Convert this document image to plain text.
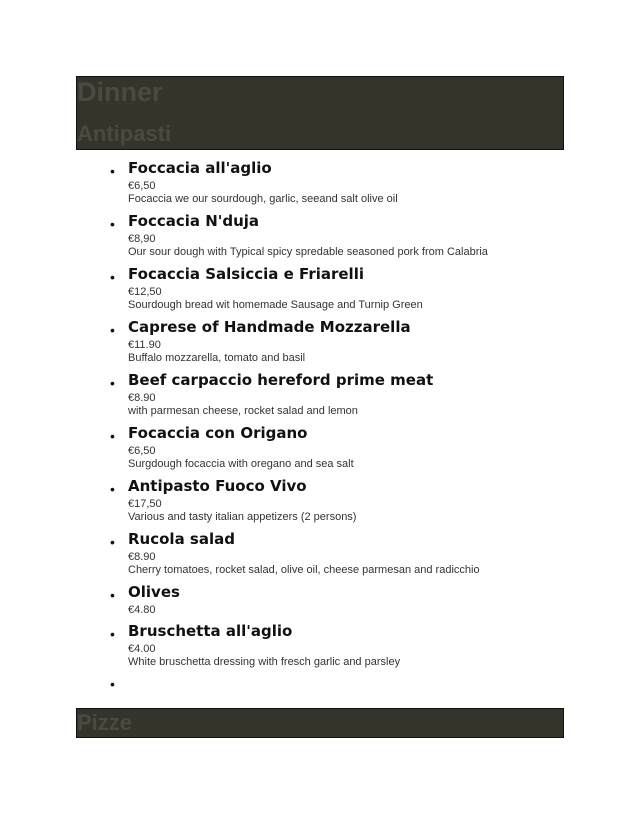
Dinner
Antipasti
• Foccacia all'aglio
€6,50
Focaccia we our sourdough, garlic, seeand salt olive oil
• Foccacia N'duja
€8,90
Our sour dough with Typical spicy spredable seasoned pork from Calabria
• Focaccia Salsiccia e Friarelli
€12,50
Sourdough bread wit homemade Sausage and Turnip Green
• Caprese of Handmade Mozzarella
€11.90
Buffalo mozzarella, tomato and basil
• Beef carpaccio hereford prime meat
€8.90
with parmesan cheese, rocket salad and lemon
• Focaccia con Origano
€6,50
Surgdough focaccia with oregano and sea salt
• Antipasto Fuoco Vivo
€17,50
Various and tasty italian appetizers (2 persons)
• Rucola salad
€8.90
Cherry tomatoes, rocket salad, olive oil, cheese parmesan and radicchio
• Olives
€4.80
• Bruschetta all'aglio
€4.00
White bruschetta dressing with fresch garlic and parsley
•
Pizze
